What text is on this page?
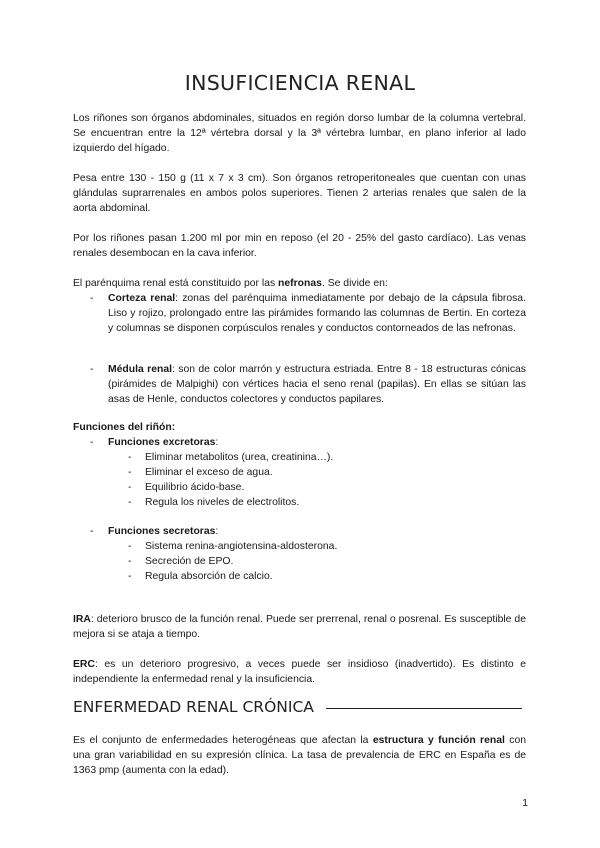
INSUFICIENCIA RENAL
Los riñones son órganos abdominales, situados en región dorso lumbar de la columna vertebral. Se encuentran entre la 12ª vértebra dorsal y la 3ª vértebra lumbar, en plano inferior al lado izquierdo del hígado.
Pesa entre 130 - 150 g (11 x 7 x 3 cm). Son órganos retroperitoneales que cuentan con unas glándulas suprarrenales en ambos polos superiores. Tienen 2 arterias renales que salen de la aorta abdominal.
Por los riñones pasan 1.200 ml por min en reposo (el 20 - 25% del gasto cardíaco). Las venas renales desembocan en la cava inferior.
El parénquima renal está constituido por las nefronas. Se divide en:
-	Corteza renal: zonas del parénquima inmediatamente por debajo de la cápsula fibrosa. Liso y rojizo, prolongado entre las pirámides formando las columnas de Bertin. En corteza y columnas se disponen corpúsculos renales y conductos contorneados de las nefronas.
-	Médula renal: son de color marrón y estructura estriada. Entre 8 - 18 estructuras cónicas (pirámides de Malpighi) con vértices hacia el seno renal (papilas). En ellas se sitúan las asas de Henle, conductos colectores y conductos papilares.
Funciones del riñón:
-	Funciones excretoras:
-	Eliminar metabolitos (urea, creatinina…).
-	Eliminar el exceso de agua.
-	Equilibrio ácido-base.
-	Regula los niveles de electrolitos.
-	Funciones secretoras:
-	Sistema renina-angiotensina-aldosterona.
-	Secreción de EPO.
-	Regula absorción de calcio.
IRA: deterioro brusco de la función renal. Puede ser prerrenal, renal o posrenal. Es susceptible de mejora si se ataja a tiempo.
ERC: es un deterioro progresivo, a veces puede ser insidioso (inadvertido). Es distinto e independiente la enfermedad renal y la insuficiencia.
ENFERMEDAD RENAL CRÓNICA
Es el conjunto de enfermedades heterogéneas que afectan la estructura y función renal con una gran variabilidad en su expresión clínica. La tasa de prevalencia de ERC en España es de 1363 pmp (aumenta con la edad).
1
